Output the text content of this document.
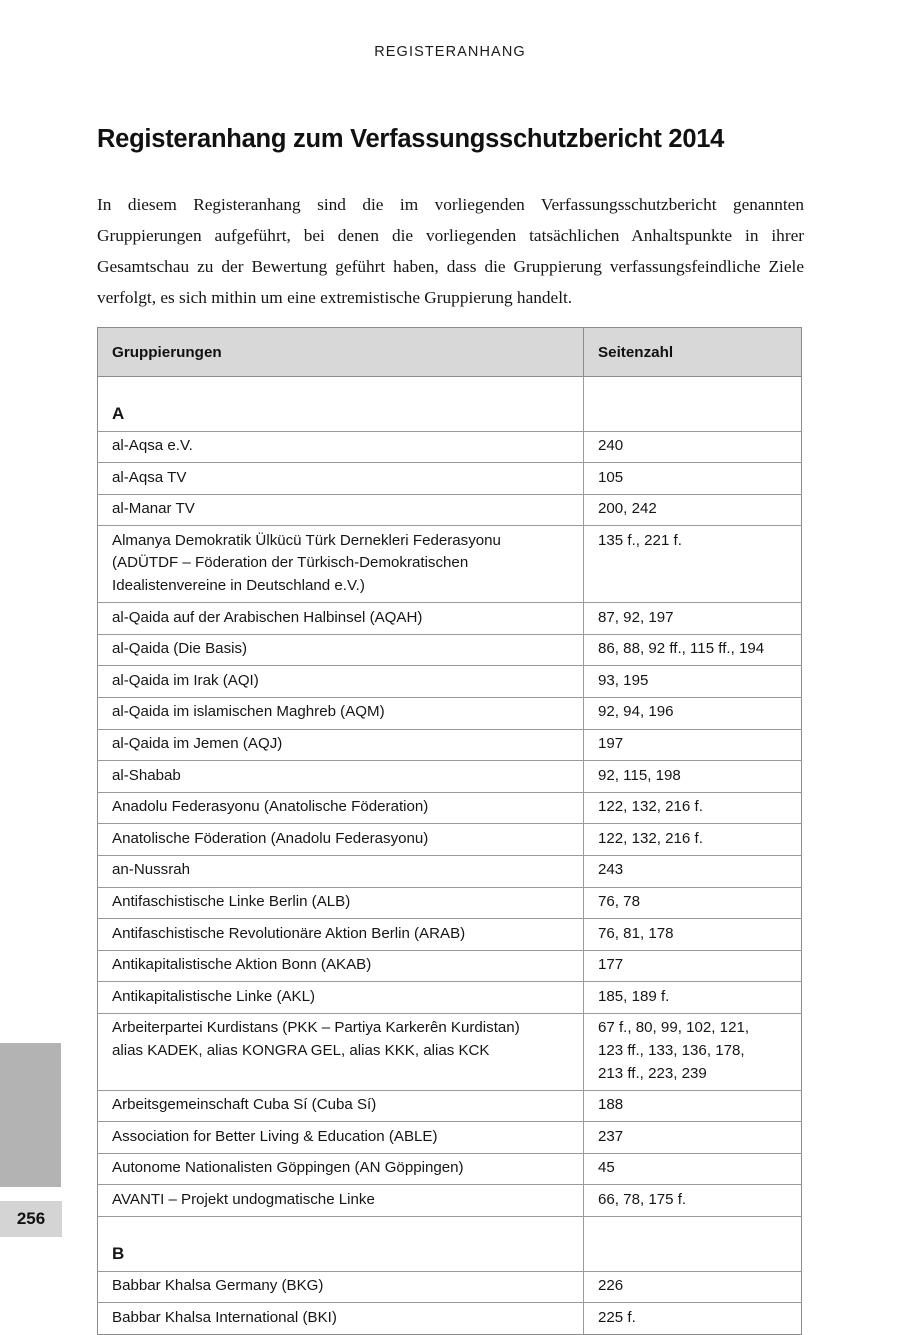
REGISTERANHANG
Registeranhang zum Verfassungsschutzbericht 2014

In diesem Registeranhang sind die im vorliegenden Verfassungsschutzbericht genannten Gruppierungen aufgeführt, bei denen die vorliegenden tatsächlichen Anhaltspunkte in ihrer Gesamtschau zu der Bewertung geführt haben, dass die Gruppierung verfassungsfeindliche Ziele verfolgt, es sich mithin um eine extremistische Gruppierung handelt.

Gruppierungen	Seitenzahl
A	
al-Aqsa e.V.	240
al-Aqsa TV	105
al-Manar TV	200, 242

Almanya Demokratik Ülkücü Türk Dernekleri Federasyonu
(ADÜTDF – Föderation der Türkisch-Demokratischen
Idealistenvereine in Deutschland e.V.)	135 f., 221 f.
al-Qaida auf der Arabischen Halbinsel (AQAH)	87, 92, 197
al-Qaida (Die Basis)	86, 88, 92 ff., 115 ff., 194
al-Qaida im Irak (AQI)	93, 195
al-Qaida im islamischen Maghreb (AQM)	92, 94, 196
al-Qaida im Jemen (AQJ)	197
al-Shabab	92, 115, 198
Anadolu Federasyonu (Anatolische Föderation)	122, 132, 216 f.
Anatolische Föderation (Anadolu Federasyonu)	122, 132, 216 f.
an-Nussrah	243
Antifaschistische Linke Berlin (ALB)	76, 78
Antifaschistische Revolutionäre Aktion Berlin (ARAB)	76, 81, 178
Antikapitalistische Aktion Bonn (AKAB)	177
Antikapitalistische Linke (AKL)	185, 189 f.

Arbeiterpartei Kurdistans (PKK – Partiya Karkerên Kurdistan)
alias KADEK, alias KONGRA GEL, alias KKK, alias KCK	67 f., 80, 99, 102, 121,
123 ff., 133, 136, 178,
213 ff., 223, 239

Arbeitsgemeinschaft Cuba Sí (Cuba Sí)	188
Association for Better Living & Education (ABLE)	237
Autonome Nationalisten Göppingen (AN Göppingen)	45
AVANTI – Projekt undogmatische Linke	66, 78, 175 f.
B	
Babbar Khalsa Germany (BKG)	226
Babbar Khalsa International (BKI)	225 f.
256
